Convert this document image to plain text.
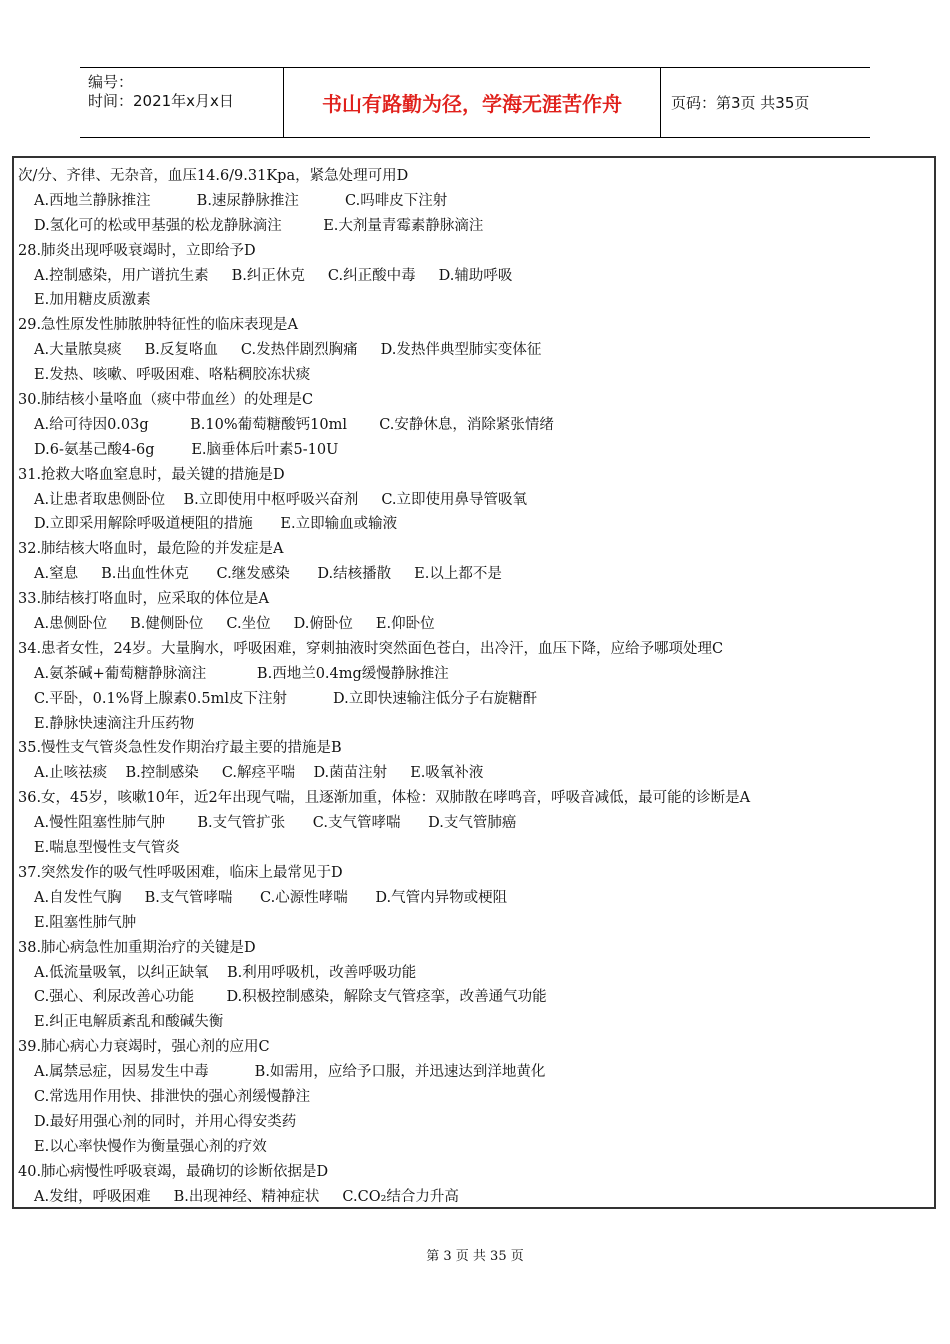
编号：
时间：2021年x月x日	书山有路勤为径，学海无涯苦作舟	页码：第3页 共35页
次/分、齐律、无杂音，血压14.6/9.31Kpa，紧急处理可用D
A.西地兰静脉推注          B.速尿静脉推注          C.吗啡皮下注射
D.氢化可的松或甲基强的松龙静脉滴注         E.大剂量青霉素静脉滴注
28.肺炎出现呼吸衰竭时，立即给予D
A.控制感染，用广谱抗生素     B.纠正休克     C.纠正酸中毒     D.辅助呼吸
E.加用糖皮质激素
29.急性原发性肺脓肿特征性的临床表现是A
A.大量脓臭痰     B.反复咯血     C.发热伴剧烈胸痛     D.发热伴典型肺实变体征
E.发热、咳嗽、呼吸困难、咯粘稠胶冻状痰
30.肺结核小量咯血（痰中带血丝）的处理是C
A.给可待因0.03g         B.10%葡萄糖酸钙10ml       C.安静休息，消除紧张情绪
D.6-氨基己酸4-6g        E.脑垂体后叶素5-10U
31.抢救大咯血窒息时，最关键的措施是D
A.让患者取患侧卧位    B.立即使用中枢呼吸兴奋剂     C.立即使用鼻导管吸氧
D.立即采用解除呼吸道梗阻的措施      E.立即输血或输液
32.肺结核大咯血时，最危险的并发症是A
A.窒息     B.出血性休克      C.继发感染      D.结核播散     E.以上都不是
33.肺结核打咯血时，应采取的体位是A
A.患侧卧位     B.健侧卧位     C.坐位     D.俯卧位     E.仰卧位
34.患者女性，24岁。大量胸水，呼吸困难，穿刺抽液时突然面色苍白，出冷汗，血压下降，应给予哪项处理C
A.氨茶碱+葡萄糖静脉滴注           B.西地兰0.4mg缓慢静脉推注
C.平卧，0.1%肾上腺素0.5ml皮下注射          D.立即快速输注低分子右旋糖酐
E.静脉快速滴注升压药物
35.慢性支气管炎急性发作期治疗最主要的措施是B
A.止咳祛痰    B.控制感染     C.解痉平喘    D.菌苗注射     E.吸氧补液
36.女，45岁，咳嗽10年，近2年出现气喘，且逐渐加重，体检：双肺散在哮鸣音，呼吸音减低，最可能的诊断是A
A.慢性阻塞性肺气肿       B.支气管扩张      C.支气管哮喘      D.支气管肺癌
E.喘息型慢性支气管炎
37.突然发作的吸气性呼吸困难，临床上最常见于D
A.自发性气胸     B.支气管哮喘      C.心源性哮喘      D.气管内异物或梗阻
E.阻塞性肺气肿
38.肺心病急性加重期治疗的关键是D
A.低流量吸氧，以纠正缺氧    B.利用呼吸机，改善呼吸功能
C.强心、利尿改善心功能       D.积极控制感染，解除支气管痉挛，改善通气功能
E.纠正电解质紊乱和酸碱失衡
39.肺心病心力衰竭时，强心剂的应用C
A.属禁忌症，因易发生中毒          B.如需用，应给予口服，并迅速达到洋地黄化
C.常选用作用快、排泄快的强心剂缓慢静注
D.最好用强心剂的同时，并用心得安类药
E.以心率快慢作为衡量强心剂的疗效
40.肺心病慢性呼吸衰竭，最确切的诊断依据是D
A.发绀，呼吸困难     B.出现神经、精神症状     C.CO₂结合力升高
第 3 页 共 35 页
